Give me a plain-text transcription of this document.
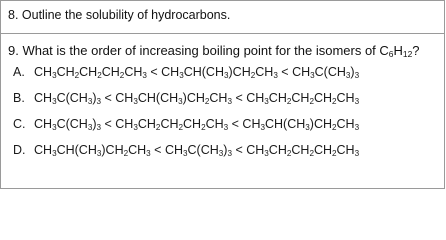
8. Outline the solubility of hydrocarbons.
9. What is the order of increasing boiling point for the isomers of $C_6H_{12}$?
A. $CH_3CH_2CH_2CH_2CH_3 < CH_3CH(CH_3)CH_2CH_3 < CH_3C(CH_3)_3$
B. $CH_3C(CH_3)_3 < CH_3CH(CH_3)CH_2CH_3 < CH_3CH_2CH_2CH_2CH_3$
C. $CH_3C(CH_3)_3 < CH_3CH_2CH_2CH_2CH_3 < CH_3CH(CH_3)CH_2CH_3$
D. $CH_3CH(CH_3)CH_2CH_3 < CH_3C(CH_3)_3 < CH_3CH_2CH_2CH_2CH_3$
